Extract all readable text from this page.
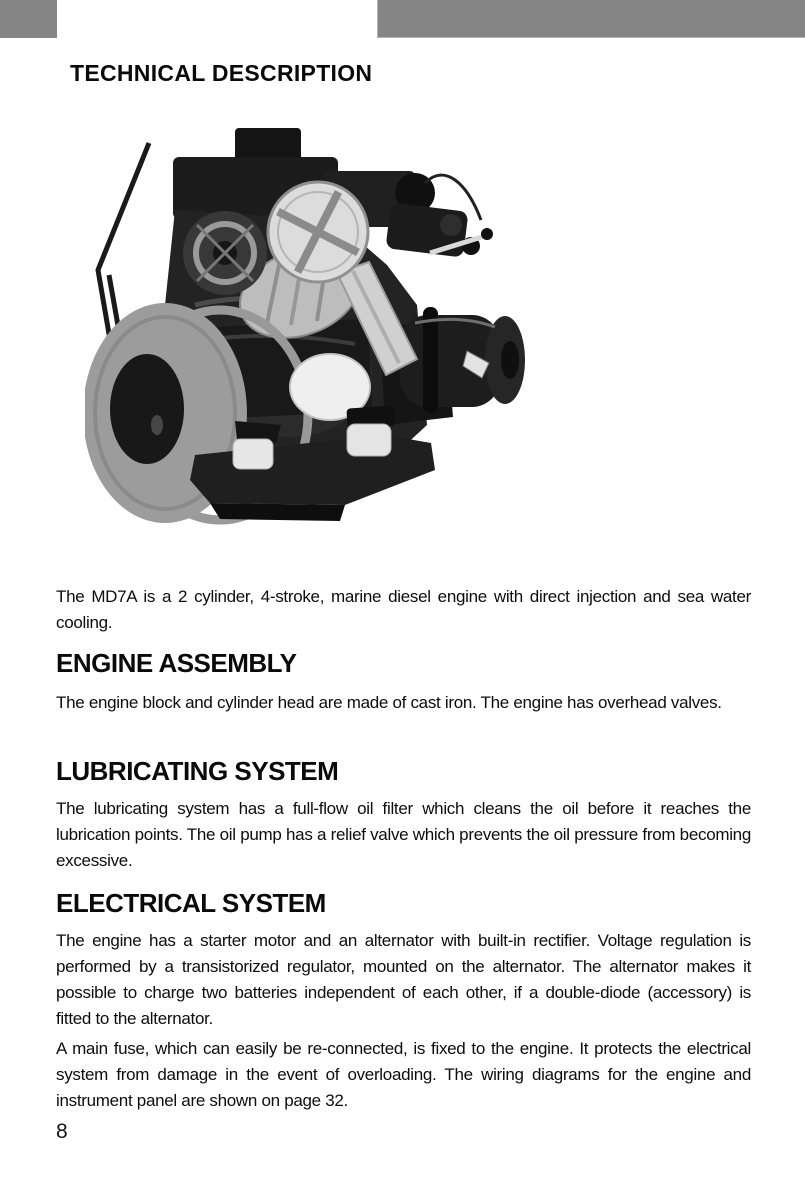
TECHNICAL DESCRIPTION

The MD7A is a 2 cylinder, 4-stroke, marine diesel engine with direct injection and sea water cooling.

ENGINE ASSEMBLY

The engine block and cylinder head are made of cast iron. The engine has overhead valves.

LUBRICATING SYSTEM

The lubricating system has a full-flow oil filter which cleans the oil before it reaches the lubrication points. The oil pump has a relief valve which prevents the oil pressure from becoming excessive.

ELECTRICAL SYSTEM

The engine has a starter motor and an alternator with built-in rectifier. Voltage regulation is performed by a transistorized regulator, mounted on the alternator. The alternator makes it possible to charge two batteries independent of each other, if a double-diode (accessory) is fitted to the alternator.

A main fuse, which can easily be re-connected, is fixed to the engine. It protects the electrical system from damage in the event of overloading. The wiring diagrams for the engine and instrument panel are shown on page 32.

8
